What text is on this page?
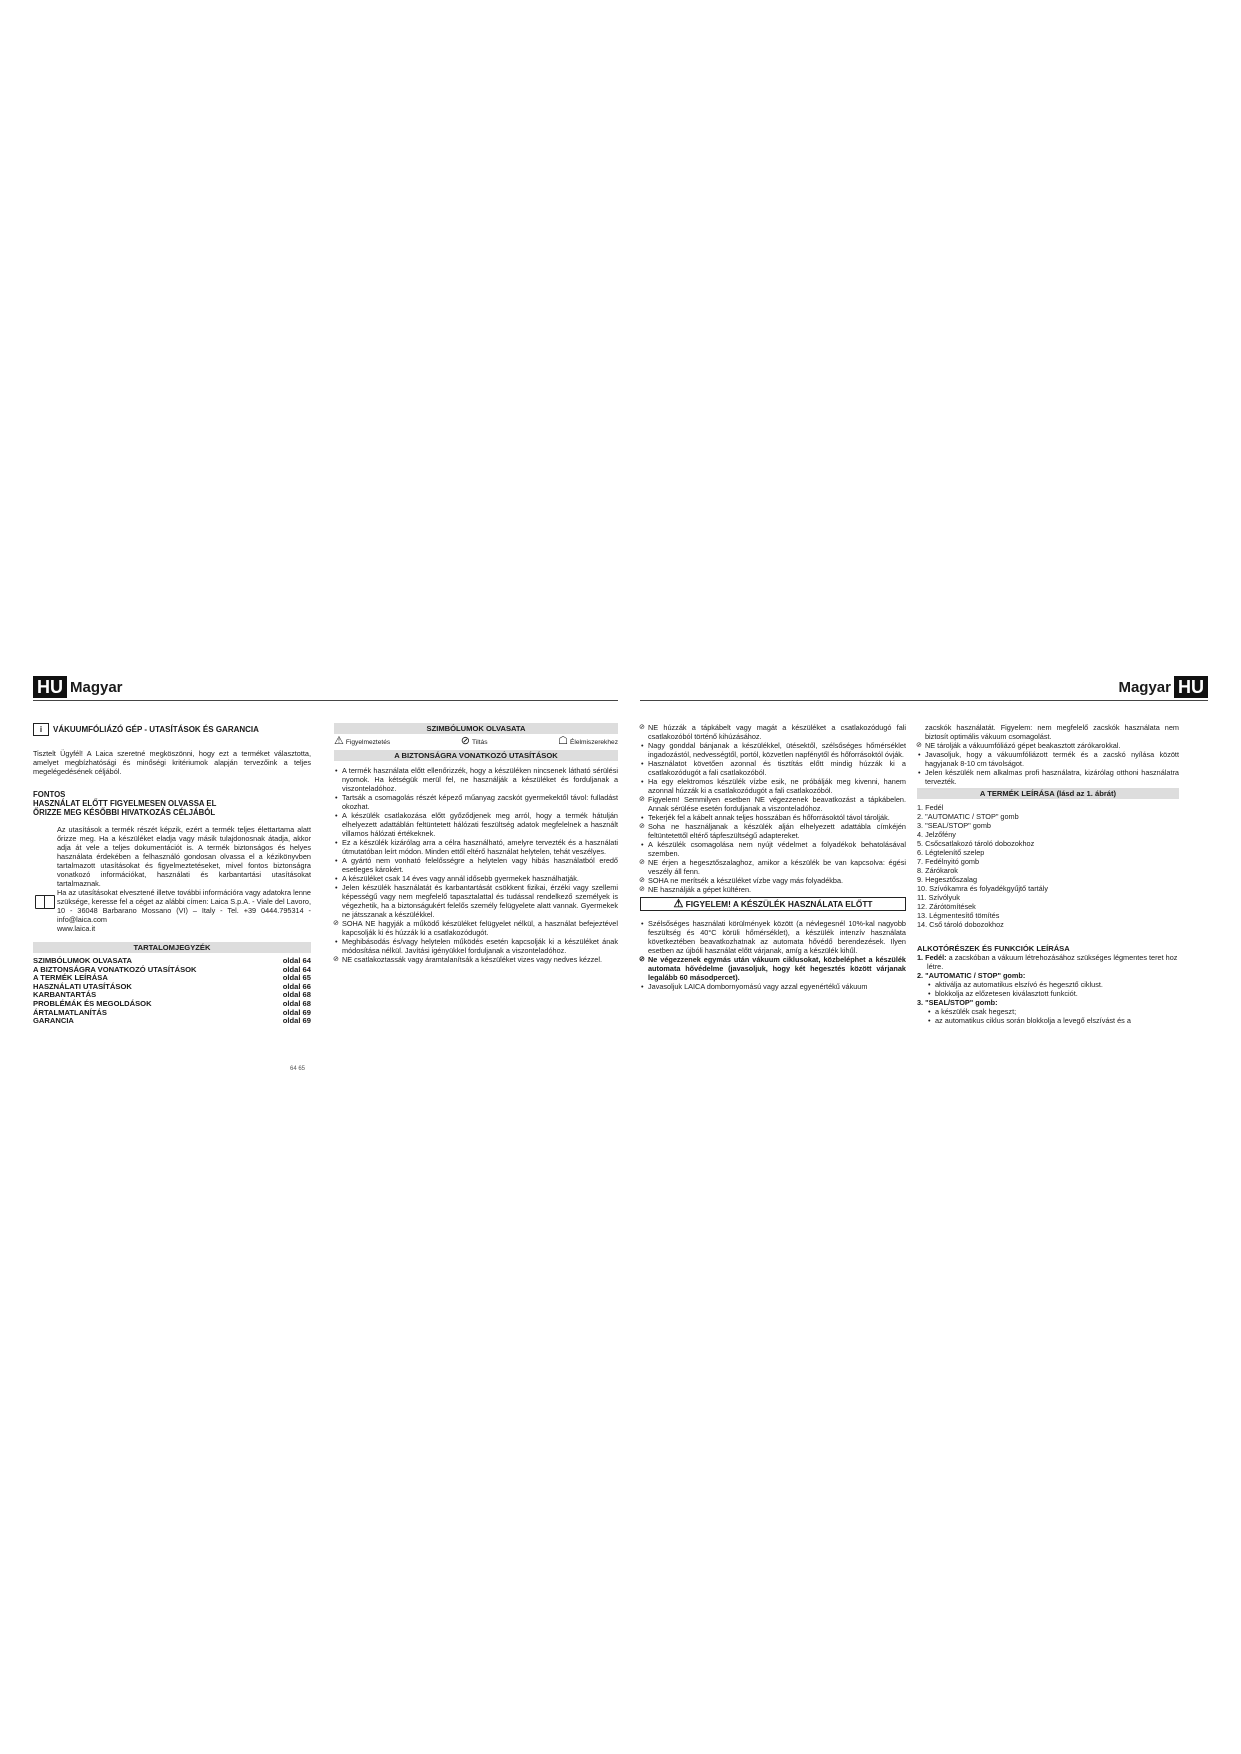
HU Magyar
i	VÁKUUMFÓLIÁZÓ GÉP - UTASÍTÁSOK ÉS GARANCIA

Tisztelt Ügyfél! A Laica szeretné megköszönni, hogy ezt a terméket választotta, amelyet megbízhatósági és minőségi kritériumok alapján tervezőink a teljes megelégedésének céljából.

FONTOS

HASZNÁLAT ELŐTT FIGYELMESEN OLVASSA EL

ŐRIZZE MEG KÉSŐBBI HIVATKOZÁS CÉLJÁBÓL

Az utasítások a termék részét képzik, ezért a termék teljes élettartama alatt őrizze meg. Ha a készüléket eladja vagy másik tulajdonosnak átadja, akkor adja át vele a teljes dokumentációt is. A termék biztonságos és helyes használata érdekében a felhasználó gondosan olvassa el a kézikönyvben tartalmazott utasításokat és figyelmeztetéseket, mivel fontos biztonságra vonatkozó információkat, használati és karbantartási utasításokat tartalmaznak.

Ha az utasításokat elvesztené illetve további információra vagy adatokra lenne szüksége, keresse fel a céget az alábbi címen: Laica S.p.A. - Viale del Lavoro, 10 - 36048 Barbarano Mossano (VI) – Italy - Tel. +39 0444.795314 - info@laica.com

www.laica.it

TARTALOMJEGYZÉK

SZIMBÓLUMOK OLVASATA	oldal 64
A BIZTONSÁGRA VONATKOZÓ UTASÍTÁSOK	oldal 64
A TERMÉK LEÍRÁSA	oldal 65
HASZNÁLATI UTASÍTÁSOK	oldal 66
KARBANTARTÁS	oldal 68
PROBLÉMÁK ÉS MEGOLDÁSOK	oldal 68
ÁRTALMATLANÍTÁS	oldal 69
GARANCIA	oldal 69

SZIMBÓLUMOK OLVASATA

⚠ Figyelmeztetés	⊘ Tiltás	☖ Élelmiszerekhez

A BIZTONSÁGRA VONATKOZÓ UTASÍTÁSOK

• A termék használata előtt ellenőrizzék, hogy a készüléken nincsenek látható sérülési nyomok. Ha kétségük merül fel, ne használják a készüléket és forduljanak a viszonteladóhoz.
• Tartsák a csomagolás részét képező műanyag zacskót gyermekektől távol: fulladást okozhat.
• A készülék csatlakozása előtt győződjenek meg arról, hogy a termék hátulján elhelyezett adattáblán feltüntetett hálózati feszültség adatok megfelelnek a használt villamos hálózati értékeknek.
• Ez a készülék kizárólag arra a célra használható, amelyre tervezték és a használati útmutatóban leírt módon. Minden ettől eltérő használat helytelen, tehát veszélyes.
• A gyártó nem vonható felelősségre a helytelen vagy hibás használatból eredő esetleges károkért.
• A készüléket csak 14 éves vagy annál idősebb gyermekek használhatják.
• Jelen készülék használatát és karbantartását csökkent fizikai, érzéki vagy szellemi képességű vagy nem megfelelő tapasztalattal és tudással rendelkező személyek is végezhetik, ha a biztonságukért felelős személy felügyelete alatt vannak. Gyermekek ne játsszanak a készülékkel.
⊘ SOHA NE hagyják a működő készüléket felügyelet nélkül, a használat befejeztével kapcsolják ki és húzzák ki a csatlakozódugót.
• Meghibásodás és/vagy helytelen működés esetén kapcsolják ki a készüléket ának módosítása nélkül. Javítási igényükkel forduljanak a viszonteladóhoz.
⊘ NE csatlakoztassák vagy áramtalanítsák a készüléket vizes vagy nedves kézzel.
64 65
Magyar HU
⊘ NE húzzák a tápkábelt vagy magát a készüléket a csatlakozódugó fali csatlakozóból történő kihúzásához.
• Nagy gonddal bánjanak a készülékkel, ütésektől, szélsőséges hőmérséklet ingadozástól, nedvességtől, portól, közvetlen napfénytől és hőforrásoktól óvják.
• Használatot követően azonnal és tisztítás előtt mindig húzzák ki a csatlakozódugót a fali csatlakozóból.
• Ha egy elektromos készülék vízbe esik, ne próbálják meg kivenni, hanem azonnal húzzák ki a csatlakozódugót a fali csatlakozóból.
⊘ Figyelem! Semmilyen esetben NE végezzenek beavatkozást a tápkábelen. Annak sérülése esetén forduljanak a viszonteladóhoz.
• Tekerjék fel a kábelt annak teljes hosszában és hőforrásoktól távol tárolják.
⊘ Soha ne használjanak a készülék alján elhelyezett adattábla címkéjén feltüntetettől eltérő tápfeszültségű adaptereket.
• A készülék csomagolása nem nyújt védelmet a folyadékok behatolásával szemben.
⊘ NE érjen a hegesztőszalaghoz, amikor a készülék be van kapcsolva: égési veszély áll fenn.
⊘ SOHA ne merítsék a készüléket vízbe vagy más folyadékba.
⊘ NE használják a gépet kültéren.
⚠ FIGYELEM! A KÉSZÜLÉK HASZNÁLATA ELŐTT
• Szélsőséges használati körülmények között (a névlegesnél 10%-kal nagyobb feszültség és 40°C körüli hőmérséklet), a készülék intenzív használata következtében beavatkozhatnak az automata hővédő berendezések. Ilyen esetben az újbóli használat előtt várjanak, amíg a készülék kihűl.
⊘ Ne végezzenek egymás után vákuum ciklusokat, közbeléphet a készülék automata hővédelme (javasoljuk, hogy két hegesztés között várjanak legalább 60 másodpercet).
• Javasoljuk LAICA dombornyomású vagy azzal egyenértékű vákuum

zacskók használatát. Figyelem: nem megfelelő zacskók használata nem biztosít optimális vákuum csomagolást.

⊘ NE tárolják a vákuumfóliázó gépet beakasztott zárókarokkal.
• Javasoljuk, hogy a vákuumfóliázott termék és a zacskó nyílása között hagyjanak 8-10 cm távolságot.
• Jelen készülék nem alkalmas profi használatra, kizárólag otthoni használatra tervezték.

A TERMÉK LEÍRÁSA (lásd az 1. ábrát)

1. Fedél
2. "AUTOMATIC / STOP" gomb
3. "SEAL/STOP" gomb
4. Jelzőfény
5. Csőcsatlakozó tároló dobozokhoz
6. Légtelenítő szelep
7. Fedélnyitó gomb
8. Zárókarok
9. Hegesztőszalag
10. Szívókamra és folyadékgyűjtő tartály
11. Szívólyuk
12. Zárótömítések
13. Légmentesítő tömítés
14. Cső tároló dobozokhoz

ALKOTÓRÉSZEK ÉS FUNKCIÓK LEÍRÁSA

1. Fedél: a zacskóban a vákuum létrehozásához szükséges légmentes teret hoz létre.

2. "AUTOMATIC / STOP" gomb:

• aktiválja az automatikus elszívó és hegesztő ciklust.
• blokkolja az előzetesen kiválasztott funkciót.

3. "SEAL/STOP" gomb:

• a készülék csak hegeszt;
• az automatikus ciklus során blokkolja a levegő elszívást és a
